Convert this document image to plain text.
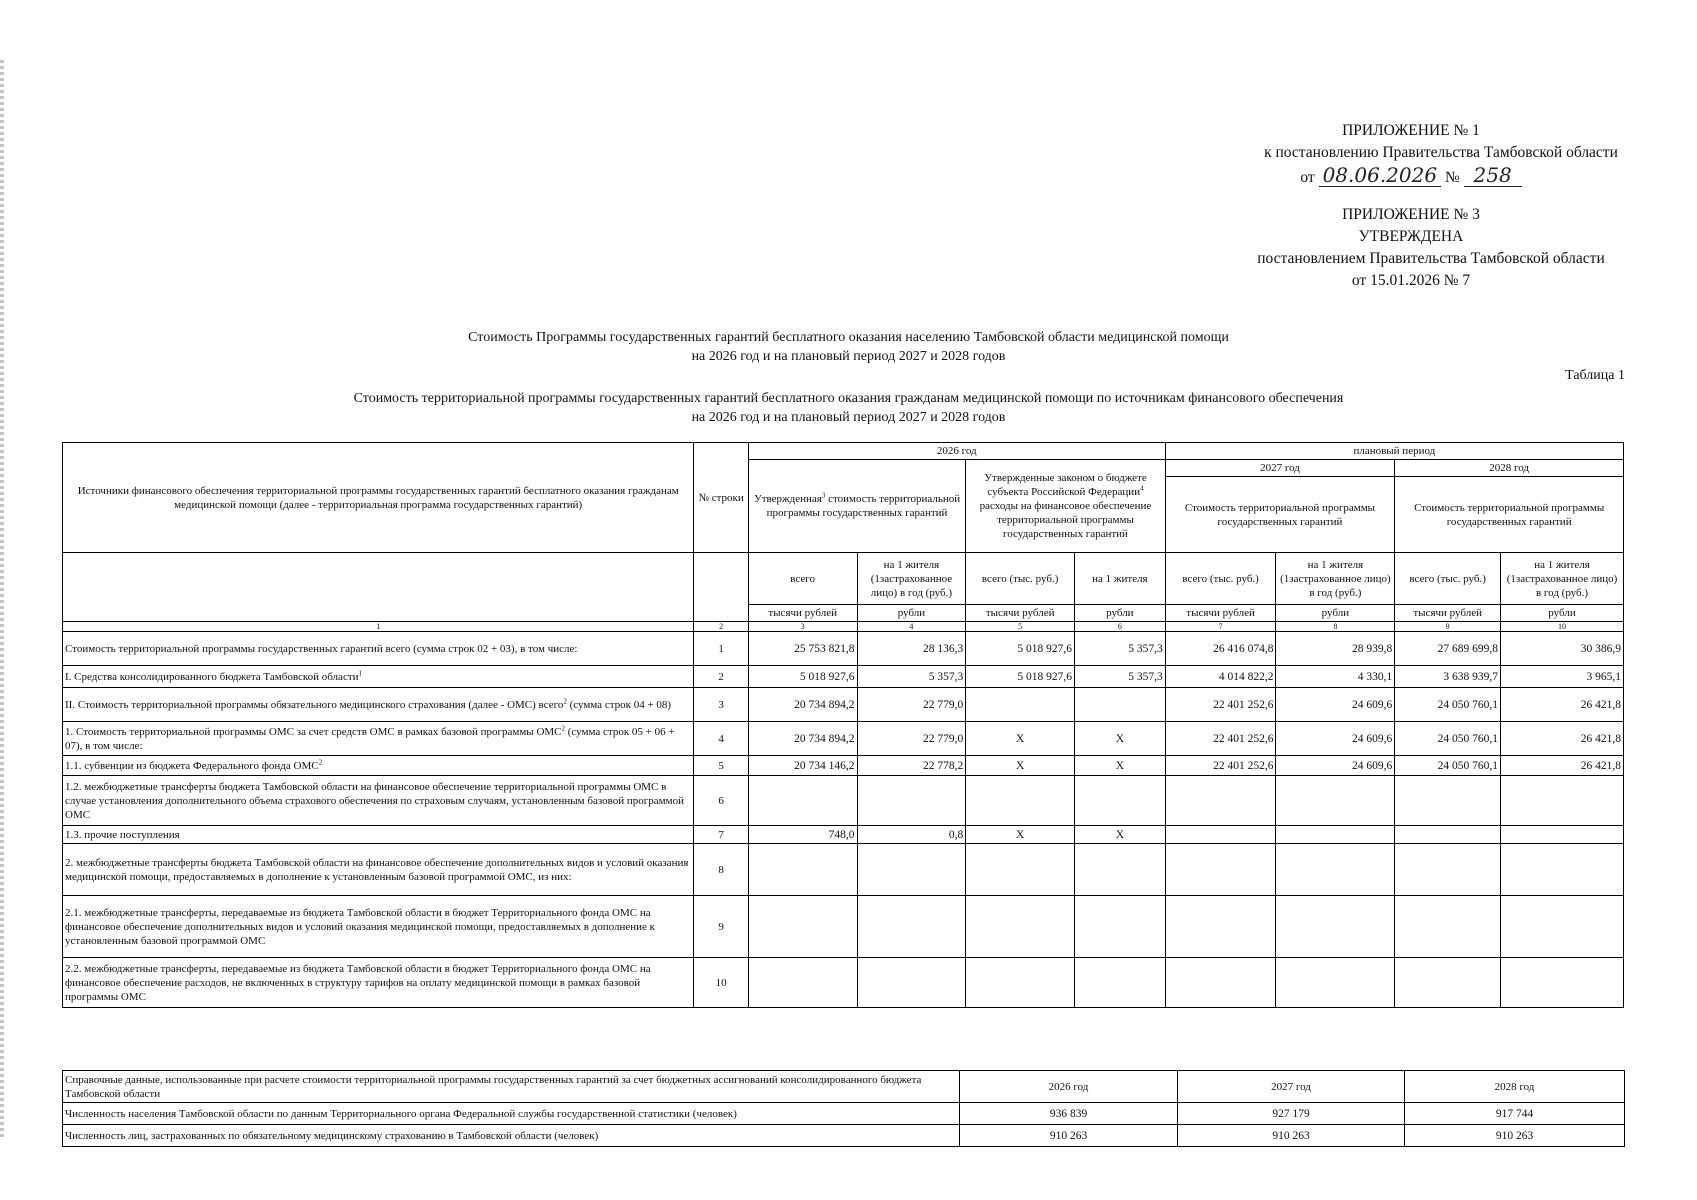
ПРИЛОЖЕНИЕ № 1
к постановлению Правительства Тамбовской области
от 08.06.2026 № 258
ПРИЛОЖЕНИЕ № 3
УТВЕРЖДЕНА
постановлением Правительства Тамбовской области
от 15.01.2026 № 7
Стоимость Программы государственных гарантий бесплатного оказания населению Тамбовской области медицинской помощи
на 2026 год и на плановый период 2027 и 2028 годов
Таблица 1
Стоимость территориальной программы государственных гарантий бесплатного оказания гражданам медицинской помощи по источникам финансового обеспечения
на 2026 год и на плановый период 2027 и 2028 годов
Источники финансового обеспечения территориальной программы государственных гарантий бесплатного оказания гражданам медицинской помощи (далее - территориальная программа государственных гарантий)	№ строки	2026 год				плановый период			
		Утвержденная$^3$ стоимость территориальной программы государственных гарантий		Утвержденные законом о бюджете субъекта Российской Федерации$^4$ расходы на финансовое обеспечение территориальной программы государственных гарантий		2027 год		2028 год	
						Стоимость территориальной программы государственных гарантий		Стоимость территориальной программы государственных гарантий	
		всего	на 1 жителя (1застрахованное лицо) в год (руб.)	всего (тыс. руб.)	на 1 жителя	всего (тыс. руб.)	на 1 жителя (1застрахованное лицо) в год (руб.)	всего (тыс. руб.)	на 1 жителя (1застрахованное лицо) в год (руб.)
		тысячи рублей	рубли	тысячи рублей	рубли	тысячи рублей	рубли	тысячи рублей	рубли
1	2	3	4	5	6	7	8	9	10
Стоимость территориальной программы государственных гарантий всего (сумма строк 02 + 03), в том числе:	1	25 753 821,8	28 136,3	5 018 927,6	5 357,3	26 416 074,8	28 939,8	27 689 699,8	30 386,9
I. Средства консолидированного бюджета Тамбовской области$^1$	2	5 018 927,6	5 357,3	5 018 927,6	5 357,3	4 014 822,2	4 330,1	3 638 939,7	3 965,1
II. Стоимость территориальной программы обязательного медицинского страхования (далее - ОМС) всего$^2$ (сумма строк 04 + 08)	3	20 734 894,2	22 779,0			22 401 252,6	24 609,6	24 050 760,1	26 421,8
1. Стоимость территориальной программы ОМС за счет средств ОМС в рамках базовой программы ОМС$^2$ (сумма строк 05 + 06 + 07), в том числе:	4	20 734 894,2	22 779,0	X	X	22 401 252,6	24 609,6	24 050 760,1	26 421,8
1.1. субвенции из бюджета Федерального фонда ОМС$^2$	5	20 734 146,2	22 778,2	X	X	22 401 252,6	24 609,6	24 050 760,1	26 421,8
1.2. межбюджетные трансферты бюджета Тамбовской области на финансовое обеспечение территориальной программы ОМС в случае установления дополнительного объема страхового обеспечения по страховым случаям, установленным базовой программой ОМС	6								
1.3. прочие поступления	7	748,0	0,8	X	X				
2. межбюджетные трансферты бюджета Тамбовской области на финансовое обеспечение дополнительных видов и условий оказания медицинской помощи, предоставляемых в дополнение к установленным базовой программой ОМС, из них:	8								
2.1. межбюджетные трансферты, передаваемые из бюджета Тамбовской области в бюджет Территориального фонда ОМС на финансовое обеспечение дополнительных видов и условий оказания медицинской помощи, предоставляемых в дополнение к установленным базовой программой ОМС	9								
2.2. межбюджетные трансферты, передаваемые из бюджета Тамбовской области в бюджет Территориального фонда ОМС на финансовое обеспечение расходов, не включенных в структуру тарифов на оплату медицинской помощи в рамках базовой программы ОМС	10								
Справочные данные, использованные при расчете стоимости территориальной программы государственных гарантий за счет бюджетных ассигнований консолидированного бюджета Тамбовской области	2026 год	2027 год	2028 год
Численность населения Тамбовской области по данным Территориального органа Федеральной службы государственной статистики (человек)	936 839	927 179	917 744
Численность лиц, застрахованных по обязательному медицинскому страхованию в Тамбовской области (человек)	910 263	910 263	910 263
